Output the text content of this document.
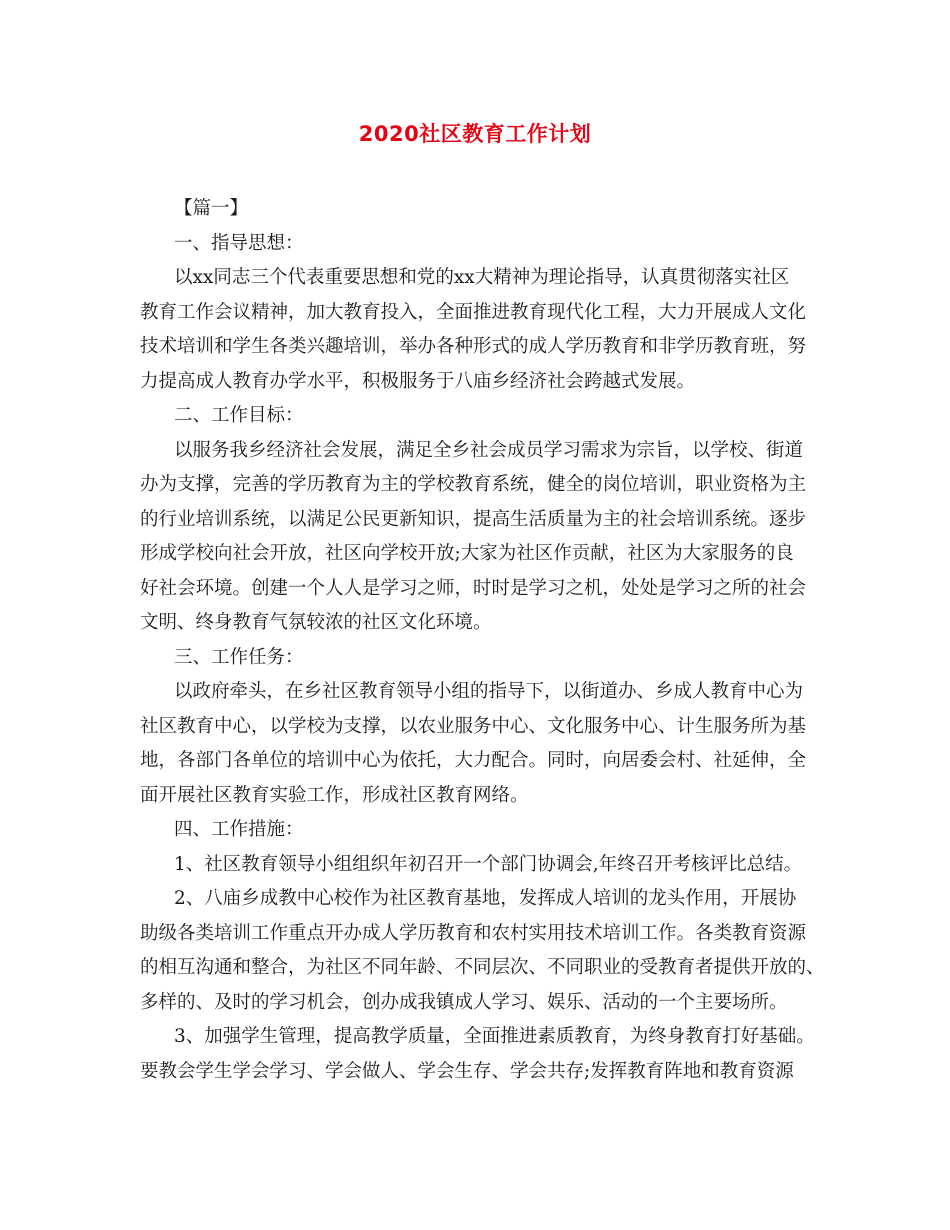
2020社区教育工作计划
【篇一】
一、指导思想：
以xx同志三个代表重要思想和党的xx大精神为理论指导，认真贯彻落实社区
教育工作会议精神，加大教育投入，全面推进教育现代化工程，大力开展成人文化
技术培训和学生各类兴趣培训，举办各种形式的成人学历教育和非学历教育班，努
力提高成人教育办学水平，积极服务于八庙乡经济社会跨越式发展。
二、工作目标：
以服务我乡经济社会发展，满足全乡社会成员学习需求为宗旨，以学校、街道
办为支撑，完善的学历教育为主的学校教育系统，健全的岗位培训，职业资格为主
的行业培训系统，以满足公民更新知识，提高生活质量为主的社会培训系统。逐步
形成学校向社会开放，社区向学校开放;大家为社区作贡献，社区为大家服务的良
好社会环境。创建一个人人是学习之师，时时是学习之机，处处是学习之所的社会
文明、终身教育气氛较浓的社区文化环境。
三、工作任务：
以政府牵头，在乡社区教育领导小组的指导下，以街道办、乡成人教育中心为
社区教育中心，以学校为支撑，以农业服务中心、文化服务中心、计生服务所为基
地，各部门各单位的培训中心为依托，大力配合。同时，向居委会村、社延伸，全
面开展社区教育实验工作，形成社区教育网络。
四、工作措施：
1、社区教育领导小组组织年初召开一个部门协调会,年终召开考核评比总结。
2、八庙乡成教中心校作为社区教育基地，发挥成人培训的龙头作用，开展协
助级各类培训工作重点开办成人学历教育和农村实用技术培训工作。各类教育资源
的相互沟通和整合，为社区不同年龄、不同层次、不同职业的受教育者提供开放的、
多样的、及时的学习机会，创办成我镇成人学习、娱乐、活动的一个主要场所。
3、加强学生管理，提高教学质量，全面推进素质教育，为终身教育打好基础。
要教会学生学会学习、学会做人、学会生存、学会共存;发挥教育阵地和教育资源
